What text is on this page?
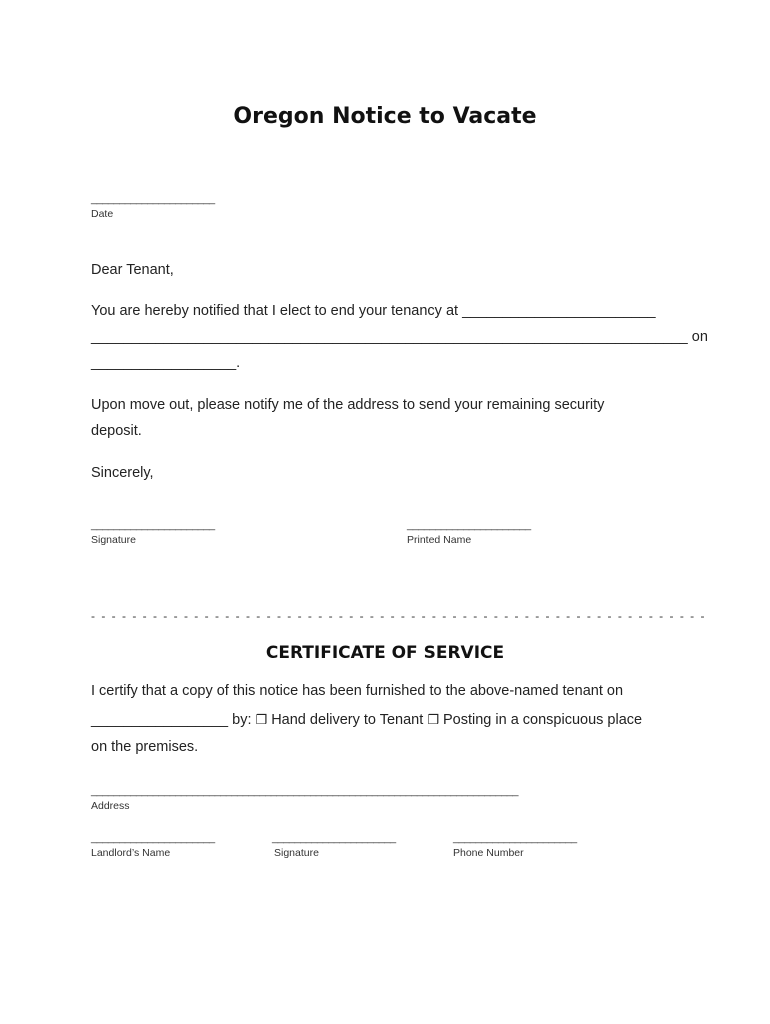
Oregon Notice to Vacate
______________________
Date
Dear Tenant,
You are hereby notified that I elect to end your tenancy at ________________________
__________________________________________________________________________ on
__________________.
Upon move out, please notify me of the address to send your remaining security
deposit.
Sincerely,
______________________
Signature
______________________
Printed Name
- - - - - - - - - - - - - - - - - - - - - - - - - - - - - - - - - - - - - - - - - - - - - - - - - - - - - - - - - - - -
CERTIFICATE OF SERVICE
I certify that a copy of this notice has been furnished to the above-named tenant on
_________________ by: ❒ Hand delivery to Tenant ❒ Posting in a conspicuous place
on the premises.
____________________________________________________________________________
Address
______________________
Landlord’s Name
______________________
Signature
______________________
Phone Number
